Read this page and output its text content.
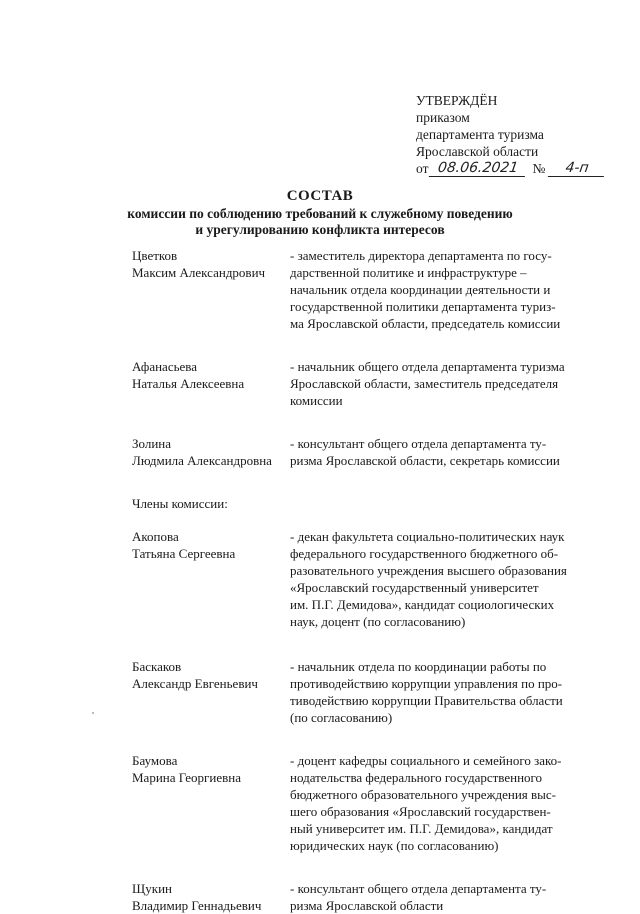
УТВЕРЖДЁН
приказом
департамента туризма
Ярославской области
от 08.06.2021 №	4-п
СОСТАВ
комиссии по соблюдению требований к служебному поведению
и урегулированию конфликта интересов
Цветков
Максим Александрович
- заместитель директора департамента по госу-
дарственной политике и инфраструктуре –
начальник отдела координации деятельности и
государственной политики департамента туриз-
ма Ярославской области, председатель комиссии
Афанасьева
Наталья Алексеевна
- начальник общего отдела департамента туризма
Ярославской области, заместитель председателя
комиссии
Золина
Людмила Александровна
- консультант общего отдела департамента ту-
ризма Ярославской области, секретарь комиссии
Члены комиссии:
Акопова
Татьяна Сергеевна
- декан факультета социально-политических наук
федерального государственного бюджетного об-
разовательного учреждения высшего образования
«Ярославский государственный университет
им. П.Г. Демидова», кандидат социологических
наук, доцент (по согласованию)
Баскаков
Александр Евгеньевич
- начальник отдела по координации работы по
противодействию коррупции управления по про-
тиводействию коррупции Правительства области
(по согласованию)
Баумова
Марина Георгиевна
- доцент кафедры социального и семейного зако-
нодательства федерального государственного
бюджетного образовательного учреждения выс-
шего образования «Ярославский государствен-
ный университет им. П.Г. Демидова», кандидат
юридических наук (по согласованию)
Щукин
Владимир Геннадьевич
- консультант общего отдела департамента ту-
ризма Ярославской области
